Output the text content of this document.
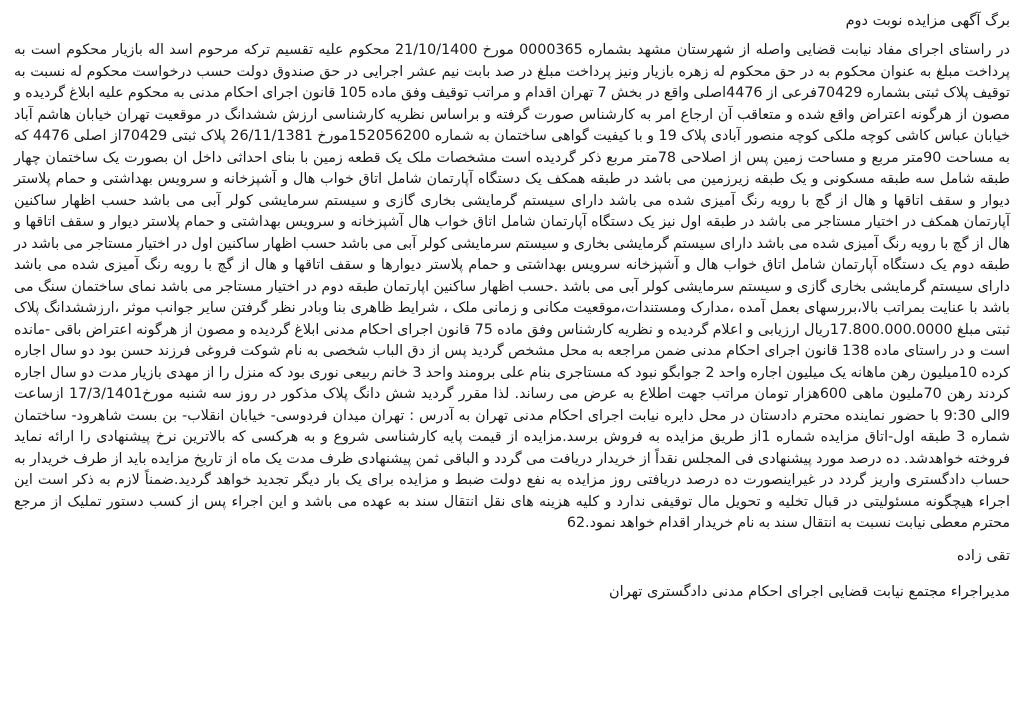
برگ آگهی مزایده نوبت دوم

در راستای اجرای مفاد نیابت قضایی واصله از شهرستان مشهد بشماره 0000365 مورخ 21/10/1400 محکوم علیه تقسیم ترکه مرحوم اسد اله بازیار محکوم است به پرداخت مبلغ به عنوان محکوم به در حق محکوم له زهره بازیار ونیز پرداخت مبلغ در صد بابت نیم عشر اجرایی در حق صندوق دولت حسب درخواست محکوم له نسبت به توقیف پلاک ثبتی بشماره 70429فرعی از 4476اصلی واقع در بخش 7 تهران اقدام و مراتب توقیف وفق ماده 105 قانون اجرای احکام مدنی به محکوم علیه ابلاغ گردیده و مصون از هرگونه اعتراض واقع شده و متعاقب آن ارجاع امر به کارشناس صورت گرفته و براساس نظریه کارشناسی ارزش ششدانگ در موقعیت تهران خیابان هاشم آباد خیابان عباس کاشی کوچه ملکی کوچه منصور آبادی پلاک 19 و با کیفیت گواهی ساختمان به شماره 152056200مورخ 26/11/1381 پلاک ثبتی 70429از اصلی 4476 که به مساحت 90متر مربع و مساحت زمین پس از اصلاحی 78متر مربع ذکر گردیده است مشخصات ملک یک قطعه زمین با بنای احداثی داخل ان بصورت یک ساختمان چهار طبقه شامل سه طبقه مسکونی و یک طبقه زیرزمین می باشد در طبقه همکف یک دستگاه آپارتمان شامل اتاق خواب هال و آشپزخانه و سرویس بهداشتی و حمام پلاستر دیوار و سقف اتاقها و هال از گچ با رویه رنگ آمیزی شده می باشد دارای سیستم گرمایشی بخاری گازی و سیستم سرمایشی کولر آبی می باشد حسب اظهار ساکنین آپارتمان همکف در اختیار مستاجر می باشد در طبقه اول نیز یک دستگاه آپارتمان شامل اتاق خواب هال آشپزخانه و سرویس بهداشتی و حمام پلاستر دیوار و سقف اتاقها و هال از گچ با رویه رنگ آمیزی شده می باشد دارای سیستم گرمایشی بخاری و سیستم سرمایشی کولر آبی می باشد حسب اظهار ساکنین اول در اختیار مستاجر می باشد در طبقه دوم یک دستگاه آپارتمان شامل اتاق خواب هال و آشپزخانه سرویس بهداشتی و حمام پلاستر دیوارها و سقف اتاقها و هال از گچ با رویه رنگ آمیزی شده می باشد دارای سیستم گرمایشی بخاری گازی و سیستم سرمایشی کولر آبی می باشد .حسب اظهار ساکنین اپارتمان طبقه دوم در اختیار مستاجر می باشد نمای ساختمان سنگ می باشد با عنایت بمراتب بالا،بررسهای بعمل آمده ،مدارک ومستندات،موقعیت مکانی و زمانی ملک ، شرایط ظاهری بنا وبادر نظر گرفتن سایر جوانب موثر ،ارزششدانگ پلاک ثبتی مبلغ 17.800.000.0000ریال ارزیابی و اعلام گردیده و نظریه کارشناس وفق ماده 75 قانون اجرای احکام مدنی ابلاغ گردیده و مصون از هرگونه اعتراض باقی -مانده است و در راستای ماده 138 قانون اجرای احکام مدنی ضمن مراجعه به محل مشخص گردید پس از دق الباب شخصی به نام شوکت فروغی فرزند حسن بود دو سال اجاره کرده 10میلیون رهن ماهانه یک میلیون اجاره واحد 2 جوابگو نبود که مستاجری بنام علی برومند واحد 3 خانم ربیعی نوری بود که منزل را از مهدی بازیار مدت دو سال اجاره کردند رهن 70ملیون ماهی 600هزار تومان مراتب جهت اطلاع به عرض می رساند. لذا مقرر گردید شش دانگ پلاک مذکور در روز سه شنبه مورخ17/3/1401 ازساعت 9الی 9:30 با حضور نماینده محترم دادستان در محل دایره نیابت اجرای احکام مدنی تهران به آدرس : تهران میدان فردوسی- خیابان انقلاب- بن بست شاهرود- ساختمان شماره 3 طبقه اول-اتاق مزایده شماره 1از طریق مزایده به فروش برسد.مزایده از قیمت پایه کارشناسی شروع و به هرکسی که بالاترین نرخ پیشنهادی را ارائه نماید فروخته خواهدشد. ده درصد مورد پیشنهادی فی المجلس نقداً از خریدار دریافت می گردد و الباقی ثمن پیشنهادی ظرف مدت یک ماه از تاریخ مزایده باید از طرف خریدار به حساب دادگستری واریز گردد در غیراینصورت ده درصد دریافتی روز مزایده به نفع دولت ضبط و مزایده برای یک بار دیگر تجدید خواهد گردید.ضمناً لازم به ذکر است این اجراء هیچگونه مسئولیتی در قبال تخلیه و تحویل مال توقیفی ندارد و کلیه هزینه های نقل انتقال سند به عهده می باشد و این اجراء پس از کسب دستور تملیک از مرجع محترم معطی نیابت نسبت به انتقال سند به نام خریدار اقدام خواهد نمود.62

تقی زاده
مدیراجراء مجتمع نیابت قضایی اجرای احکام مدنی دادگستری تهران
